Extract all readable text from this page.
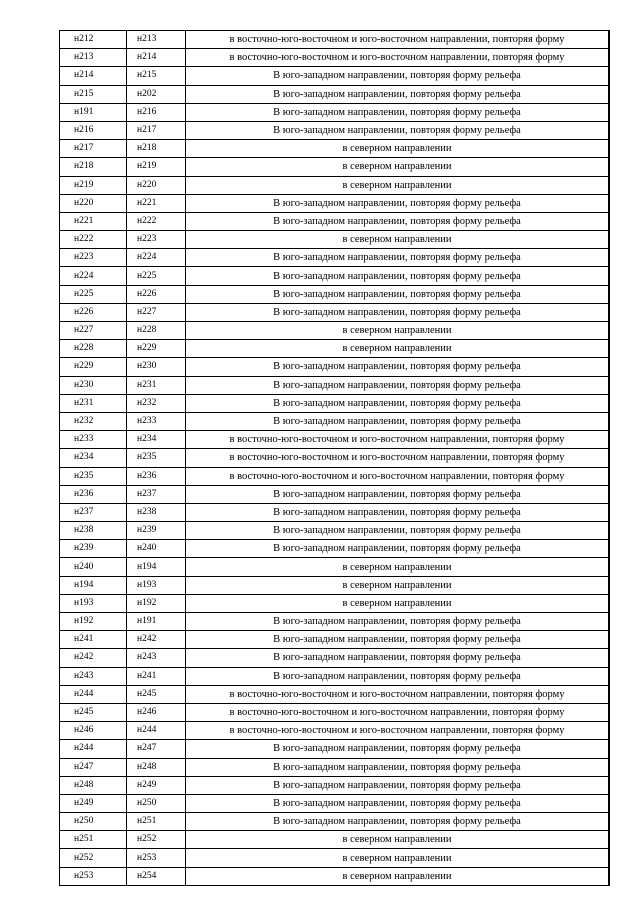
н212	н213	в восточно-юго-восточном и юго-восточном направлении, повторяя форму
н213	н214	в восточно-юго-восточном и юго-восточном направлении, повторяя форму
н214	н215	В юго-западном направлении, повторяя форму рельефа
н215	н202	В юго-западном направлении, повторяя форму рельефа
н191	н216	В юго-западном направлении, повторяя форму рельефа
н216	н217	В юго-западном направлении, повторяя форму рельефа
н217	н218	в северном направлении
н218	н219	в северном направлении
н219	н220	в северном направлении
н220	н221	В юго-западном направлении, повторяя форму рельефа
н221	н222	В юго-западном направлении, повторяя форму рельефа
н222	н223	в северном направлении
н223	н224	В юго-западном направлении, повторяя форму рельефа
н224	н225	В юго-западном направлении, повторяя форму рельефа
н225	н226	В юго-западном направлении, повторяя форму рельефа
н226	н227	В юго-западном направлении, повторяя форму рельефа
н227	н228	в северном направлении
н228	н229	в северном направлении
н229	н230	В юго-западном направлении, повторяя форму рельефа
н230	н231	В юго-западном направлении, повторяя форму рельефа
н231	н232	В юго-западном направлении, повторяя форму рельефа
н232	н233	В юго-западном направлении, повторяя форму рельефа
н233	н234	в восточно-юго-восточном и юго-восточном направлении, повторяя форму
н234	н235	в восточно-юго-восточном и юго-восточном направлении, повторяя форму
н235	н236	в восточно-юго-восточном и юго-восточном направлении, повторяя форму
н236	н237	В юго-западном направлении, повторяя форму рельефа
н237	н238	В юго-западном направлении, повторяя форму рельефа
н238	н239	В юго-западном направлении, повторяя форму рельефа
н239	н240	В юго-западном направлении, повторяя форму рельефа
н240	н194	в северном направлении
н194	н193	в северном направлении
н193	н192	в северном направлении
н192	н191	В юго-западном направлении, повторяя форму рельефа
н241	н242	В юго-западном направлении, повторяя форму рельефа
н242	н243	В юго-западном направлении, повторяя форму рельефа
н243	н241	В юго-западном направлении, повторяя форму рельефа
н244	н245	в восточно-юго-восточном и юго-восточном направлении, повторяя форму
н245	н246	в восточно-юго-восточном и юго-восточном направлении, повторяя форму
н246	н244	в восточно-юго-восточном и юго-восточном направлении, повторяя форму
н244	н247	В юго-западном направлении, повторяя форму рельефа
н247	н248	В юго-западном направлении, повторяя форму рельефа
н248	н249	В юго-западном направлении, повторяя форму рельефа
н249	н250	В юго-западном направлении, повторяя форму рельефа
н250	н251	В юго-западном направлении, повторяя форму рельефа
н251	н252	в северном направлении
н252	н253	в северном направлении
н253	н254	в северном направлении
